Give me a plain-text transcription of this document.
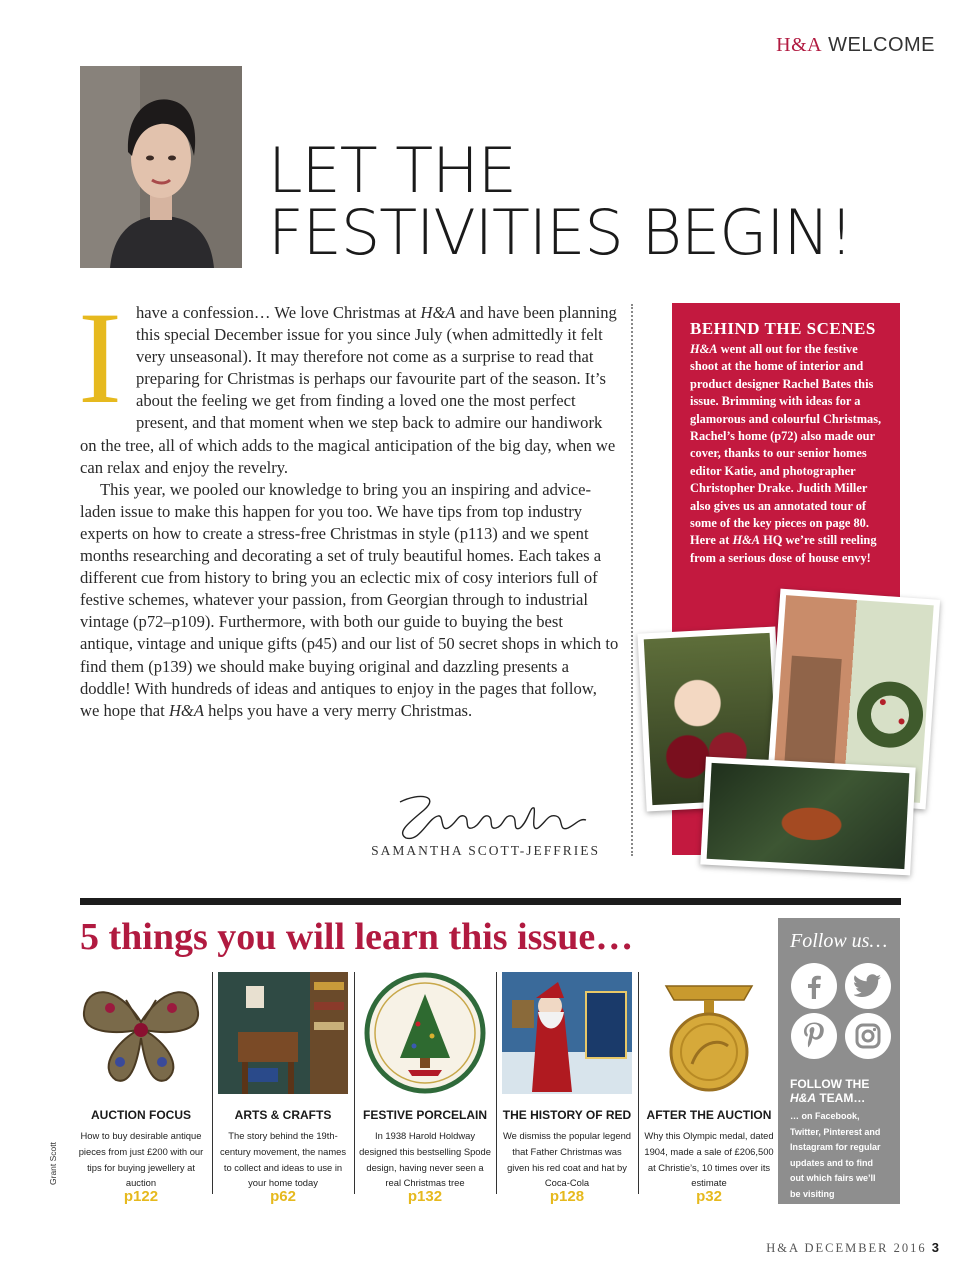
H&A WELCOME
LET THE
FESTIVITIES BEGIN!

I have a confession… We love Christmas at H&A and have been planning this special December issue for you since July (when admittedly it felt very unseasonal). It may therefore not come as a surprise to read that preparing for Christmas is perhaps our favourite part of the season. It’s about the feeling we get from finding a loved one the most perfect present, and that moment when we step back to admire our handiwork on the tree, all of which adds to the magical anticipation of the big day, when we can relax and enjoy the revelry.

This year, we pooled our knowledge to bring you an inspiring and advice-laden issue to make this happen for you too. We have tips from top industry experts on how to create a stress-free Christmas in style (p113) and we spent months researching and decorating a set of truly beautiful homes. Each takes a different cue from history to bring you an eclectic mix of cosy interiors full of festive schemes, whatever your passion, from Georgian through to industrial vintage (p72–p109). Furthermore, with both our guide to buying the best antique, vintage and unique gifts (p45) and our list of 50 secret shops in which to find them (p139) we should make buying original and dazzling presents a doddle! With hundreds of ideas and antiques to enjoy in the pages that follow, we hope that H&A helps you have a very merry Christmas.

SAMANTHA SCOTT-JEFFRIES
BEHIND THE SCENES
H&A went all out for the festive shoot at the home of interior and product designer Rachel Bates this issue. Brimming with ideas for a glamorous and colourful Christmas, Rachel’s home (p72) also made our cover, thanks to our senior homes editor Katie, and photographer Christopher Drake. Judith Miller also gives us an annotated tour of some of the key pieces on page 80. Here at H&A HQ we’re still reeling from a serious dose of house envy!
5 things you will learn this issue…
AUCTION FOCUS
How to buy desirable antique pieces from just £200 with our tips for buying jewellery at auction
p122
ARTS & CRAFTS
The story behind the 19th-century movement, the names to collect and ideas to use in your home today
p62
FESTIVE PORCELAIN
In 1938 Harold Holdway designed this bestselling Spode design, having never seen a real Christmas tree
p132
THE HISTORY OF RED
We dismiss the popular legend that Father Christmas was given his red coat and hat by Coca-Cola
p128
AFTER THE AUCTION
Why this Olympic medal, dated 1904, made a sale of £206,500 at Christie’s, 10 times over its estimate
p32
Follow us…
FOLLOW THE H&A TEAM…
… on Facebook, Twitter, Pinterest and Instagram for regular updates and to find out which fairs we’ll be visiting
Grant Scott
H&A DECEMBER 2016 3
